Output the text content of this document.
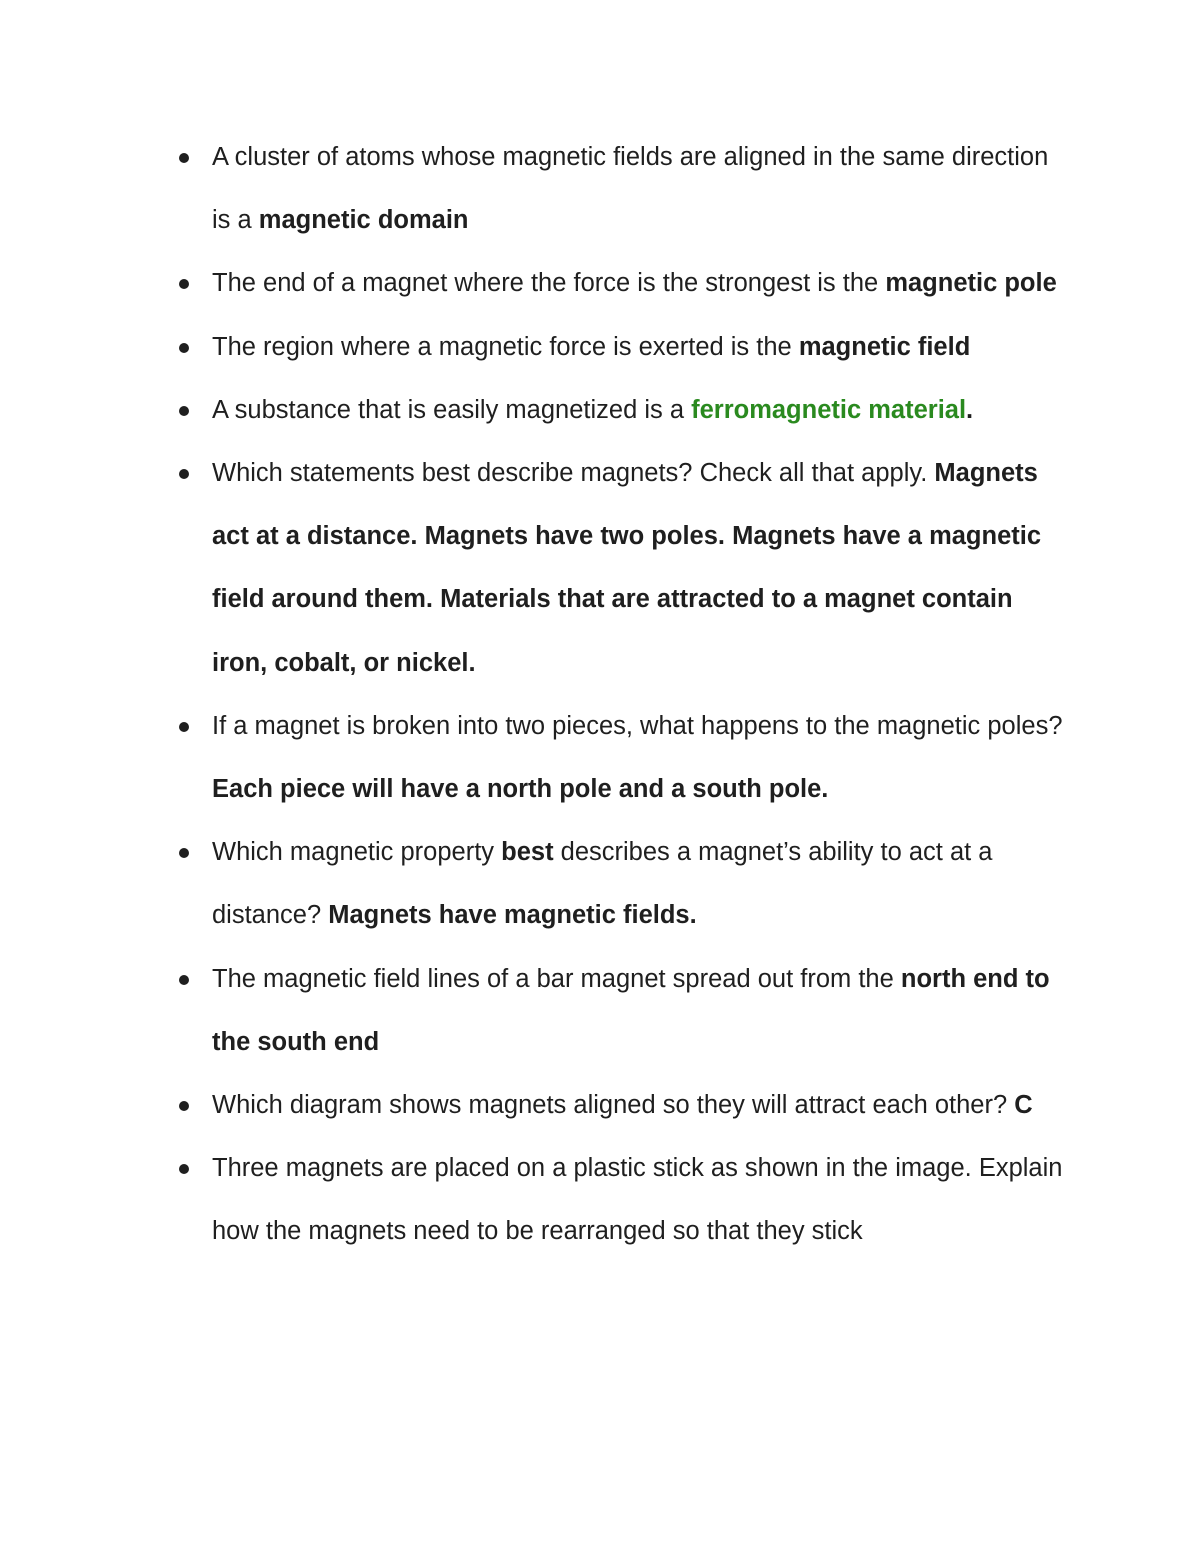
A cluster of atoms whose magnetic fields are aligned in the same direction is a magnetic domain
The end of a magnet where the force is the strongest is the magnetic pole
The region where a magnetic force is exerted is the magnetic field
A substance that is easily magnetized is a ferromagnetic material.
Which statements best describe magnets? Check all that apply. Magnets act at a distance. Magnets have two poles. Magnets have a magnetic field around them. Materials that are attracted to a magnet contain iron, cobalt, or nickel.
If a magnet is broken into two pieces, what happens to the magnetic poles? Each piece will have a north pole and a south pole.
Which magnetic property best describes a magnet’s ability to act at a distance? Magnets have magnetic fields.
The magnetic field lines of a bar magnet spread out from the north end to the south end
Which diagram shows magnets aligned so they will attract each other? C
Three magnets are placed on a plastic stick as shown in the image. Explain how the magnets need to be rearranged so that they stick
